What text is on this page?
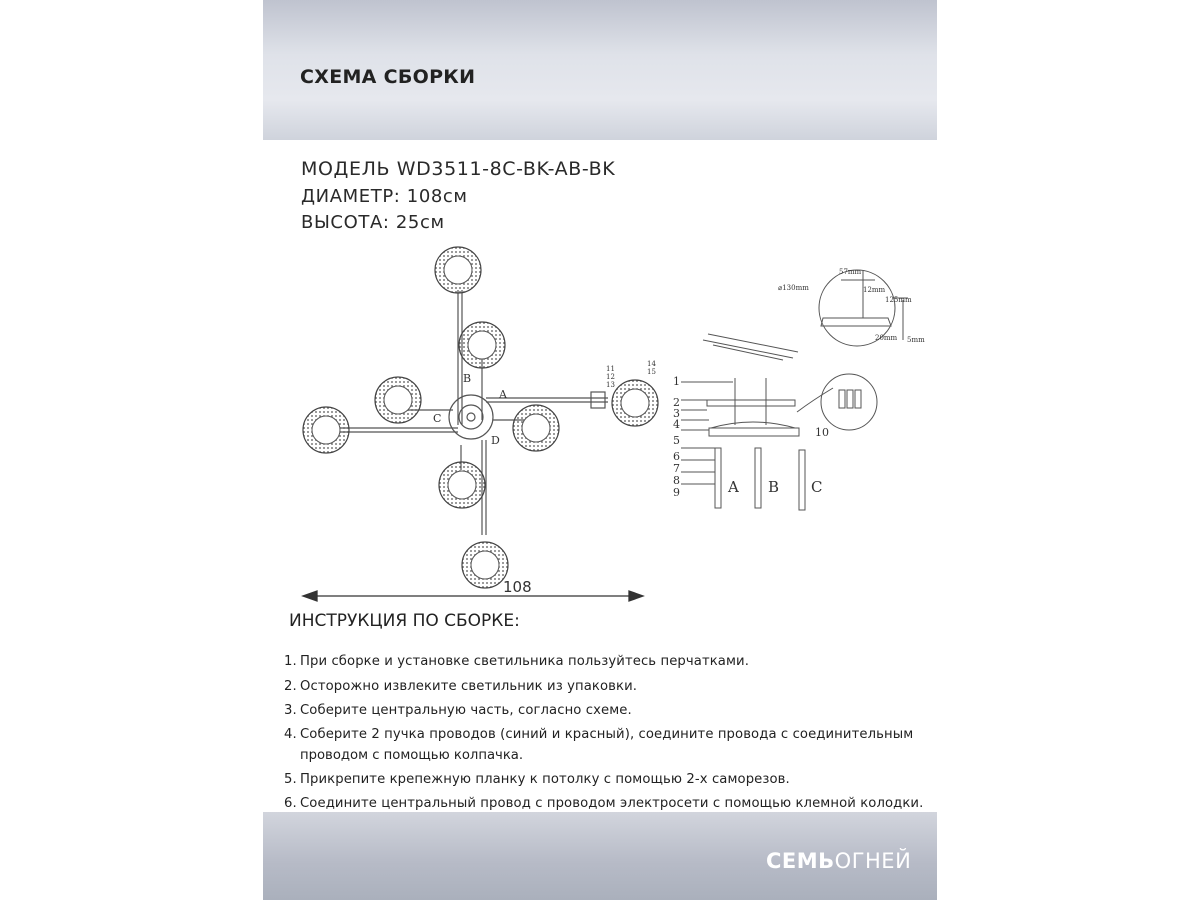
СХЕМА СБОРКИ
МОДЕЛЬ WD3511-8C-BK-AB-BK
ДИАМЕТР: 108см
ВЫСОТА: 25см
B
A
C
D
11
12
13
14
15
108
⌀130mm
57mm
12mm
125mm
20mm 5mm
1
2
3
4
5
6
7
8
9
10
A B C
ИНСТРУКЦИЯ ПО СБОРКЕ:
1. При сборке и установке светильника пользуйтесь перчатками.
2. Осторожно извлеките светильник из упаковки.
3. Соберите центральную часть, согласно схеме.
4. Соберите 2 пучка проводов (синий и красный), соедините провода с соединительным
проводом с помощью колпачка.
5. Прикрепите крепежную планку к потолку с помощью 2-х саморезов.
6. Соедините центральный провод с проводом электросети с помощью клемной колодки.
СЕМЬОГНЕЙ
